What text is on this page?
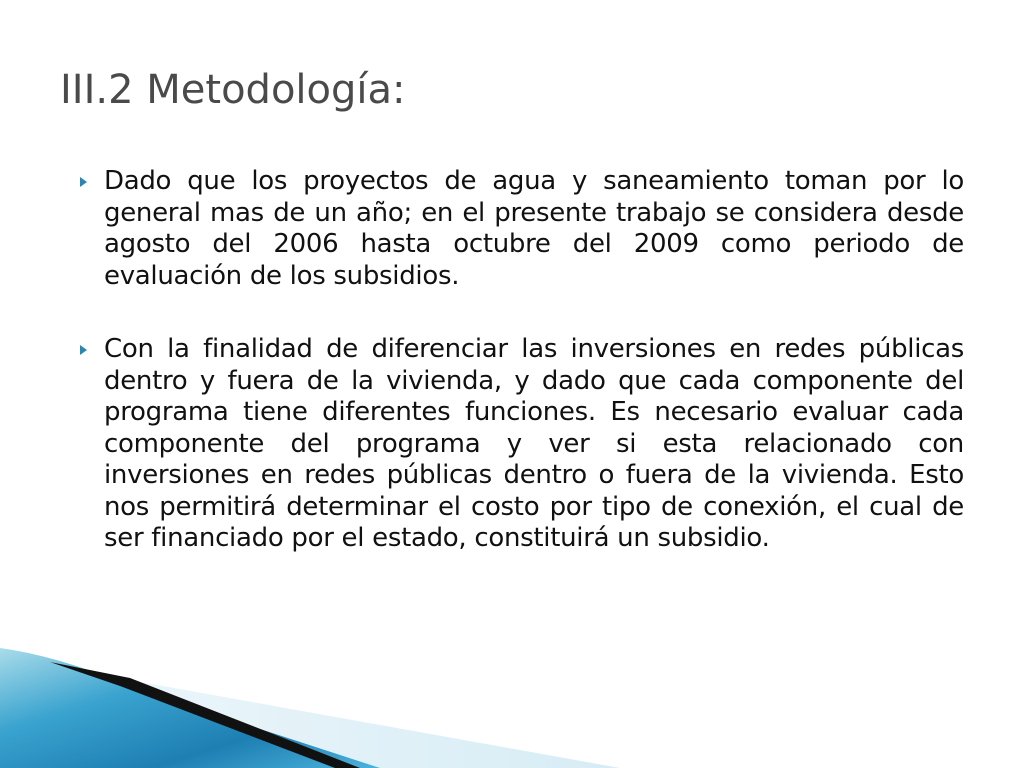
III.2 Metodología:
Dado que los proyectos de agua y saneamiento toman por lo general mas de un año; en el presente trabajo se considera desde agosto del 2006 hasta octubre del 2009 como periodo de evaluación de los subsidios.
Con la finalidad de diferenciar las inversiones en redes públicas dentro y fuera de la vivienda, y dado que cada componente del programa tiene diferentes funciones. Es necesario evaluar cada componente del programa y ver si esta relacionado con inversiones en redes públicas dentro o fuera de la vivienda. Esto nos permitirá determinar el costo por tipo de conexión, el cual de ser financiado por el estado, constituirá un subsidio.
